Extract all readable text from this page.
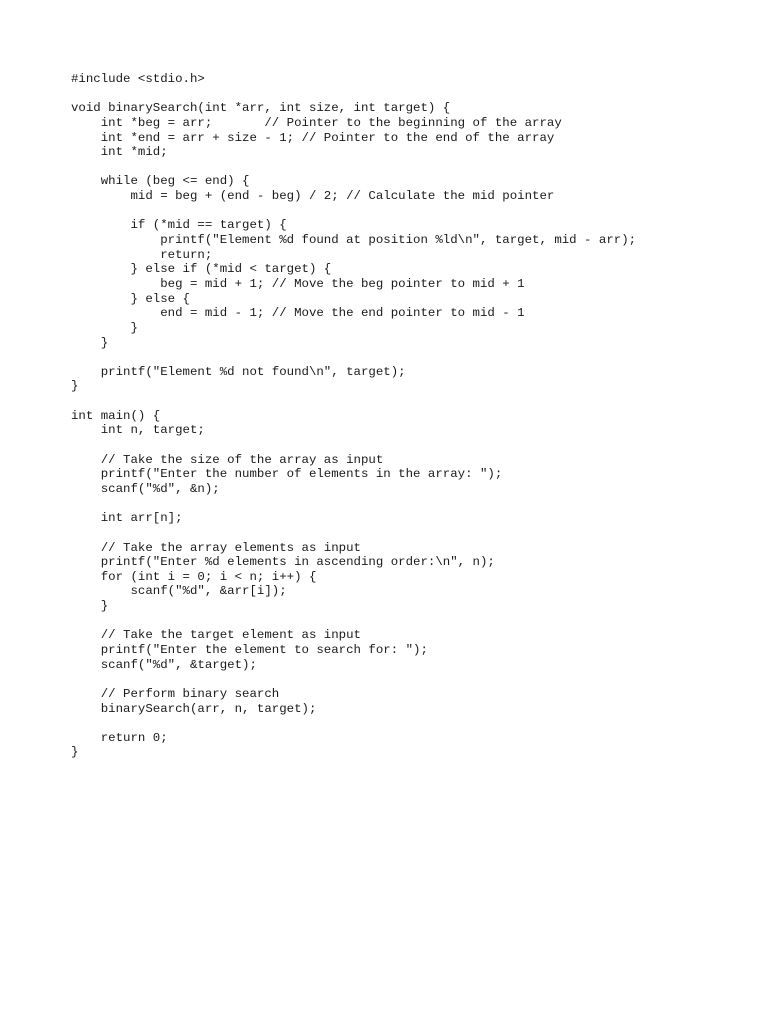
#include <stdio.h>
void binarySearch(int *arr, int size, int target) {
int *beg = arr;       // Pointer to the beginning of the array
int *end = arr + size - 1; // Pointer to the end of the array
int *mid;
while (beg <= end) {
mid = beg + (end - beg) / 2; // Calculate the mid pointer
if (*mid == target) {
printf("Element %d found at position %ld\n", target, mid - arr);
return;
} else if (*mid < target) {
beg = mid + 1; // Move the beg pointer to mid + 1
} else {
end = mid - 1; // Move the end pointer to mid - 1
}
}
printf("Element %d not found\n", target);
}
int main() {
int n, target;
// Take the size of the array as input
printf("Enter the number of elements in the array: ");
scanf("%d", &n);
int arr[n];
// Take the array elements as input
printf("Enter %d elements in ascending order:\n", n);
for (int i = 0; i < n; i++) {
scanf("%d", &arr[i]);
}
// Take the target element as input
printf("Enter the element to search for: ");
scanf("%d", &target);
// Perform binary search
binarySearch(arr, n, target);
return 0;
}
